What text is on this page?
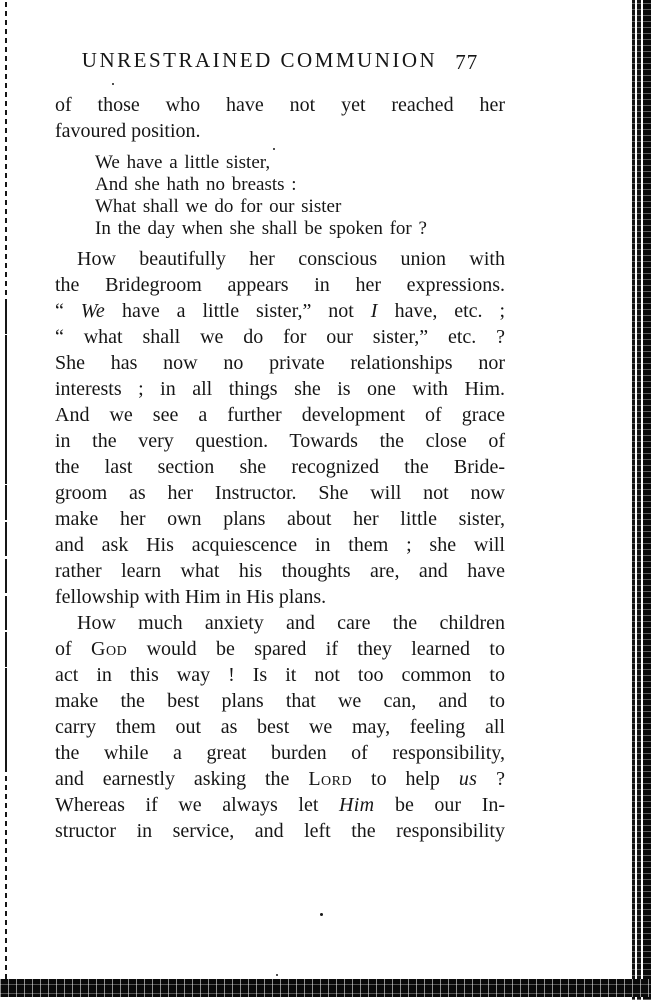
UNRESTRAINED COMMUNION 77
of those who have not yet reached her
favoured position.
We have a little sister,
And she hath no breasts :
What shall we do for our sister
In the day when she shall be spoken for ?
How beautifully her conscious union with
the Bridegroom appears in her expressions.
“ We have a little sister,” not I have, etc. ;
“ what shall we do for our sister,” etc. ?
She has now no private relationships nor
interests ; in all things she is one with Him.
And we see a further development of grace
in the very question. Towards the close of
the last section she recognized the Bride-
groom as her Instructor. She will not now
make her own plans about her little sister,
and ask His acquiescence in them ; she will
rather learn what his thoughts are, and have
fellowship with Him in His plans.
How much anxiety and care the children
of God would be spared if they learned to
act in this way ! Is it not too common to
make the best plans that we can, and to
carry them out as best we may, feeling all
the while a great burden of responsibility,
and earnestly asking the Lord to help us ?
Whereas if we always let Him be our In-
structor in service, and left the responsibility
